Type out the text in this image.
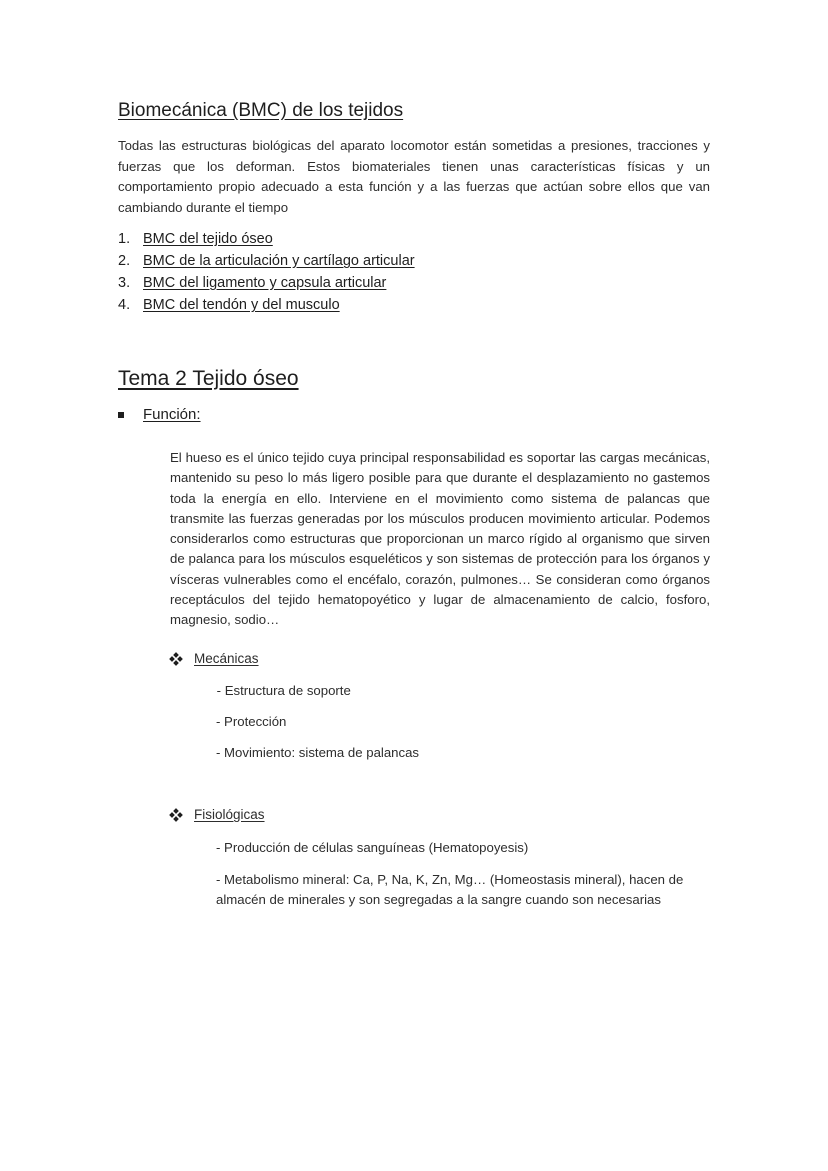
Biomecánica (BMC) de los tejidos

Todas las estructuras biológicas del aparato locomotor están sometidas a presiones, tracciones y fuerzas que los deforman. Estos biomateriales tienen unas características físicas y un comportamiento propio adecuado a esta función y a las fuerzas que actúan sobre ellos que van cambiando durante el tiempo

1. BMC del tejido óseo
2. BMC de la articulación y cartílago articular
3. BMC del ligamento y capsula articular
4. BMC del tendón y del musculo
Tema 2 Tejido óseo
Función:

El hueso es el único tejido cuya principal responsabilidad es soportar las cargas mecánicas, mantenido su peso lo más ligero posible para que durante el desplazamiento no gastemos toda la energía en ello. Interviene en el movimiento como sistema de palancas que transmite las fuerzas generadas por los músculos producen movimiento articular. Podemos considerarlos como estructuras que proporcionan un marco rígido al organismo que sirven de palanca para los músculos esqueléticos y son sistemas de protección para los órganos y vísceras vulnerables como el encéfalo, corazón, pulmones… Se consideran como órganos receptáculos del tejido hematopoyético y lugar de almacenamiento de calcio, fosforo, magnesio, sodio…

Mecánicas

- Estructura de soporte

- Protección

- Movimiento: sistema de palancas

Fisiológicas

- Producción de células sanguíneas (Hematopoyesis)

- Metabolismo mineral: Ca, P, Na, K, Zn, Mg… (Homeostasis mineral), hacen de almacén de minerales y son segregadas a la sangre cuando son necesarias
